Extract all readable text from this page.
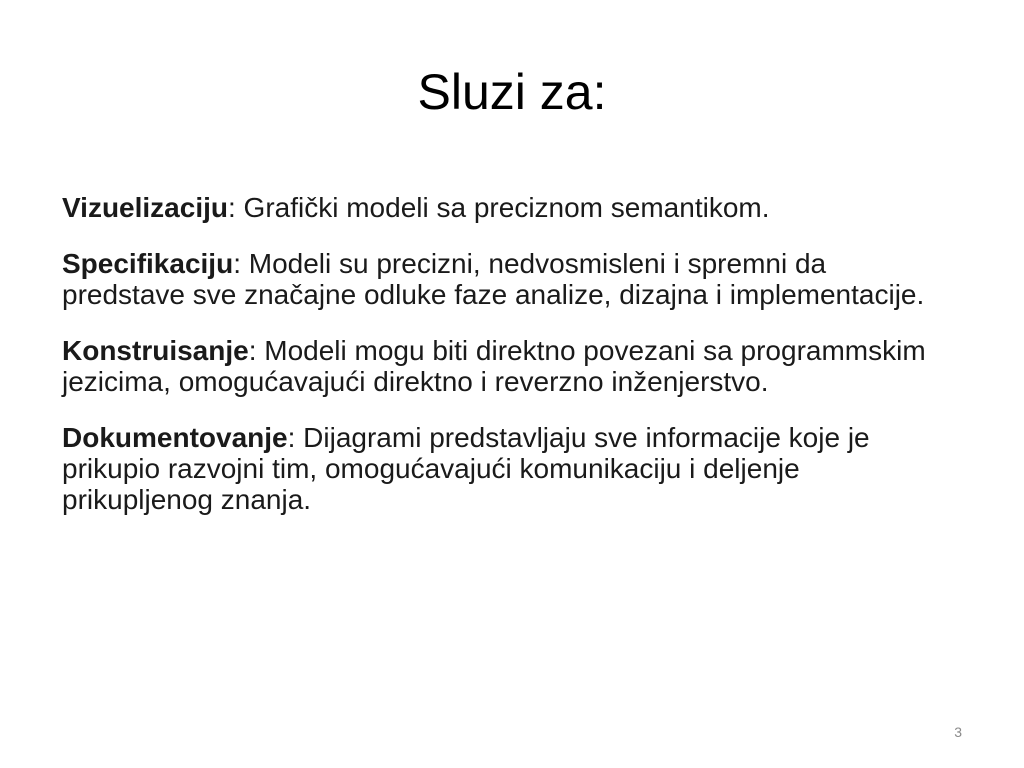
Sluzi za:

Vizuelizaciju: Grafički modeli sa preciznom semantikom.

Specifikaciju: Modeli su precizni, nedvosmisleni i spremni da predstave sve značajne odluke faze analize, dizajna i implementacije.

Konstruisanje: Modeli mogu biti direktno povezani sa programmskim jezicima, omogućavajući direktno i reverzno inženjerstvo.

Dokumentovanje: Dijagrami predstavljaju sve informacije koje je prikupio razvojni tim, omogućavajući komunikaciju i deljenje prikupljenog znanja.

3
